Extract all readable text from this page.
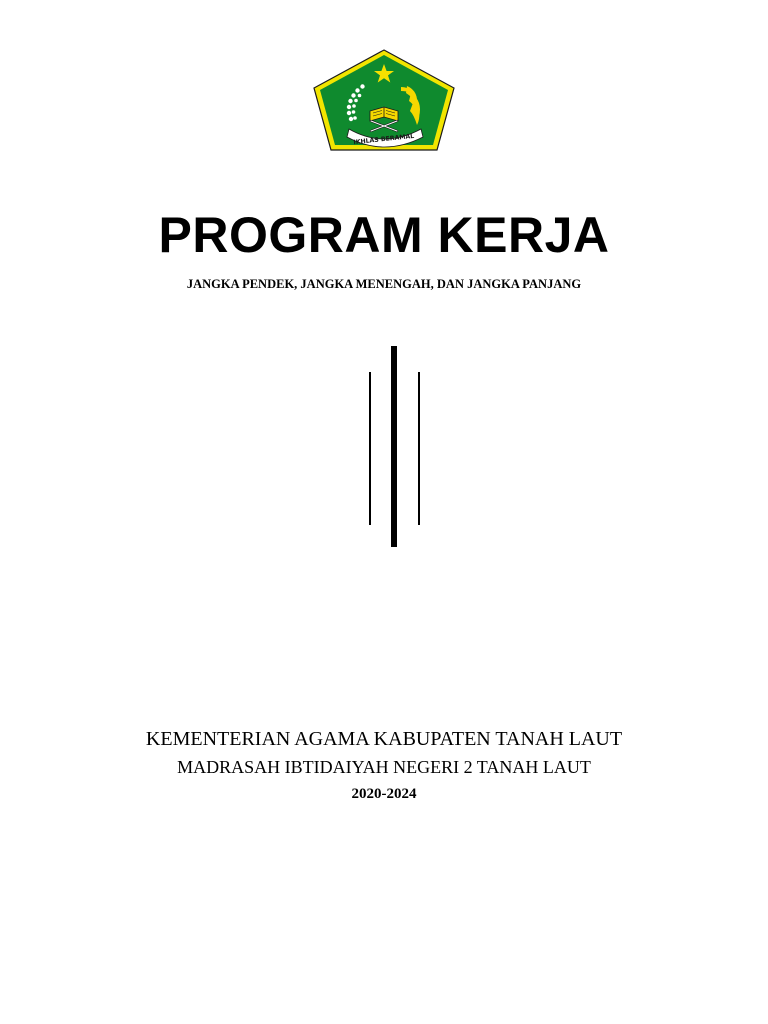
IKHLAS BERAMAL
PROGRAM KERJA

JANGKA PENDEK, JANGKA MENENGAH, DAN JANGKA PANJANG

KEMENTERIAN AGAMA KABUPATEN TANAH LAUT

MADRASAH IBTIDAIYAH NEGERI 2 TANAH LAUT

2020-2024
